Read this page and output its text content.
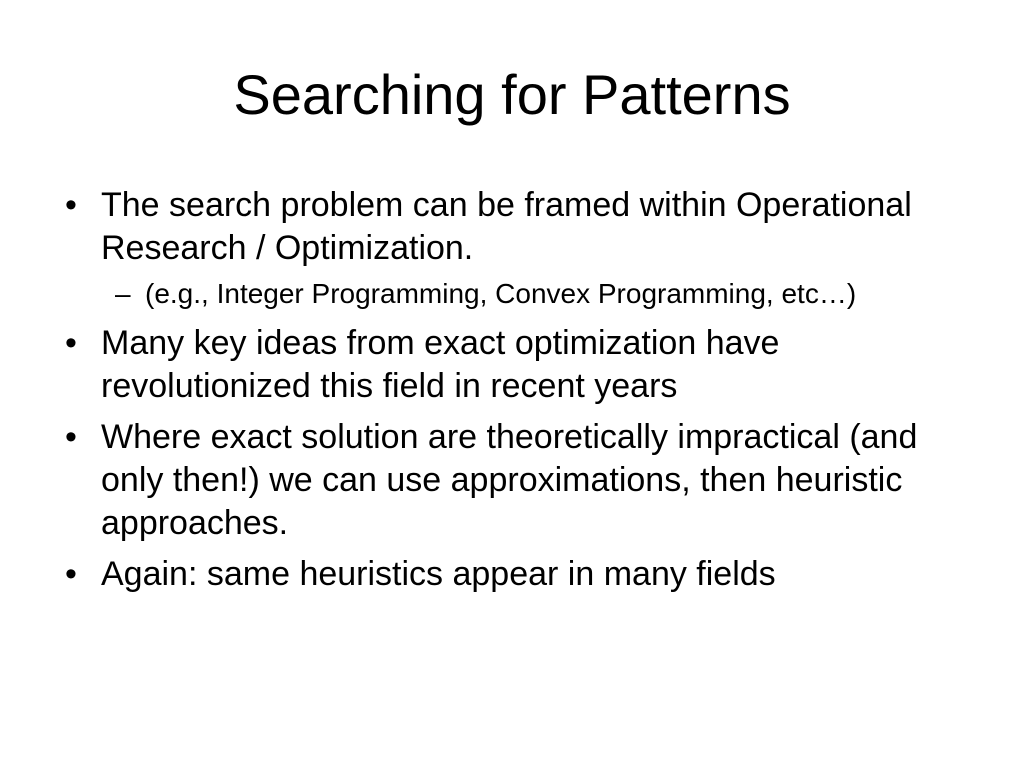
Searching for Patterns
• The search problem can be framed within Operational Research / Optimization.
– (e.g., Integer Programming, Convex Programming, etc…)
• Many key ideas from exact optimization have revolutionized this field in recent years
• Where exact solution are theoretically impractical (and only then!) we can use approximations, then heuristic approaches.
• Again: same heuristics appear in many fields
